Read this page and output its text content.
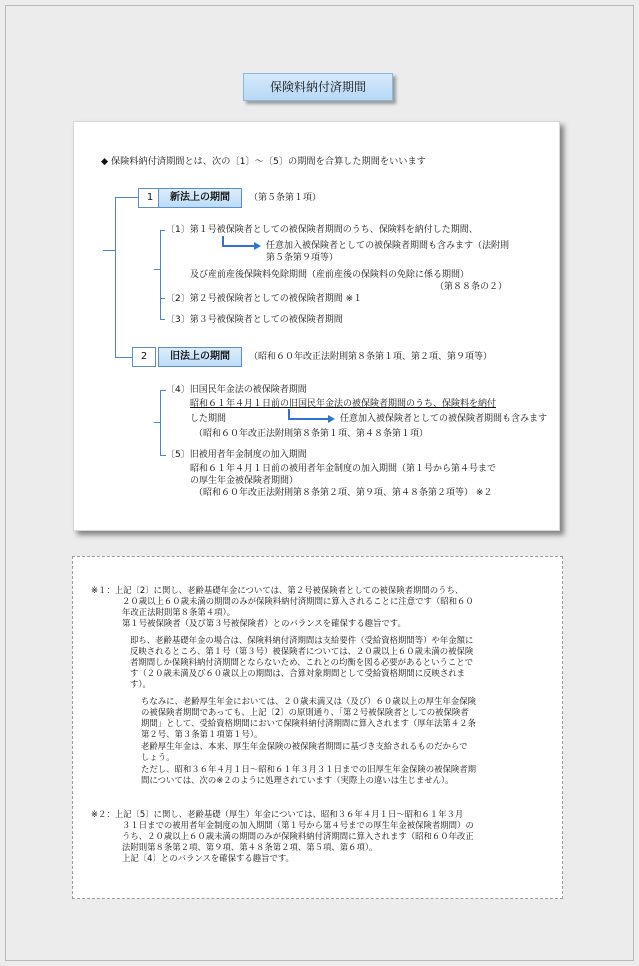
保険料納付済期間
◆ 保険料納付済期間とは、次の〔1〕～〔5〕の期間を合算した期間をいいます
1	新法上の期間	（第５条第１項）
〔1〕第１号被保険者としての被保険者期間のうち、保険料を納付した期間、
任意加入被保険者としての被保険者期間も含みます（法附則
第５条第９項等）
及び産前産後保険料免除期間（産前産後の保険料の免除に係る期間）
（第８８条の２）
〔2〕第２号被保険者としての被保険者期間 ※１
〔3〕第３号被保険者としての被保険者期間
2	旧法上の期間	（昭和６０年改正法附則第８条第１項、第２項、第９項等）
〔4〕旧国民年金法の被保険者期間
昭和６１年４月１日前の旧国民年金法の被保険者期間のうち、保険料を納付
した期間	任意加入被保険者としての被保険者期間も含みます
（昭和６０年改正法附則第８条第１項、第４８条第１項）
〔5〕旧被用者年金制度の加入期間
昭和６１年４月１日前の被用者年金制度の加入期間（第１号から第４号まで
の厚生年金被保険者期間）
（昭和６０年改正法附則第８条第２項、第９項、第４８条第２項等） ※２
※１：上記〔2〕に関し、老齢基礎年金については、第２号被保険者としての被保険者期間のうち、
２０歳以上６０歳未満の期間のみが保険料納付済期間に算入されることに注意です（昭和６０
年改正法附則第８条第４項）。
第１号被保険者（及び第３号被保険者）とのバランスを確保する趣旨です。
即ち、老齢基礎年金の場合は、保険料納付済期間は支給要件（受給資格期間等）や年金額に
反映されるところ、第１号（第３号）被保険者については、２０歳以上６０歳未満の被保険
者期間しか保険料納付済期間とならないため、これとの均衡を図る必要があるということで
す（２０歳未満及び６０歳以上の期間は、合算対象期間として受給資格期間に反映されま
す）。
ちなみに、老齢厚生年金においては、２０歳未満又は（及び）６０歳以上の厚生年金保険
の被保険者期間であっても、上記〔2〕の原則通り、「第２号被保険者としての被保険者
期間」として、受給資格期間において保険料納付済期間に算入されます（厚年法第４２条
第２号、第３条第１項第１号）。
老齢厚生年金は、本来、厚生年金保険の被保険者期間に基づき支給されるものだからで
しょう。
ただし、昭和３６年４月１日～昭和６１年３月３１日までの旧厚生年金保険の被保険者期
間については、次の※２のように処理されています（実際上の違いは生じません）。
※２：上記〔5〕に関し、老齢基礎（厚生）年金については、昭和３６年４月１日～昭和６１年３月
３１日までの被用者年金制度の加入期間（第１号から第４号までの厚生年金被保険者期間）の
うち、２０歳以上６０歳未満の期間のみが保険料納付済期間に算入されます（昭和６０年改正
法附則第８条第２項、第９項、第４８条第２項、第５項、第６項）。
上記〔4〕とのバランスを確保する趣旨です。
